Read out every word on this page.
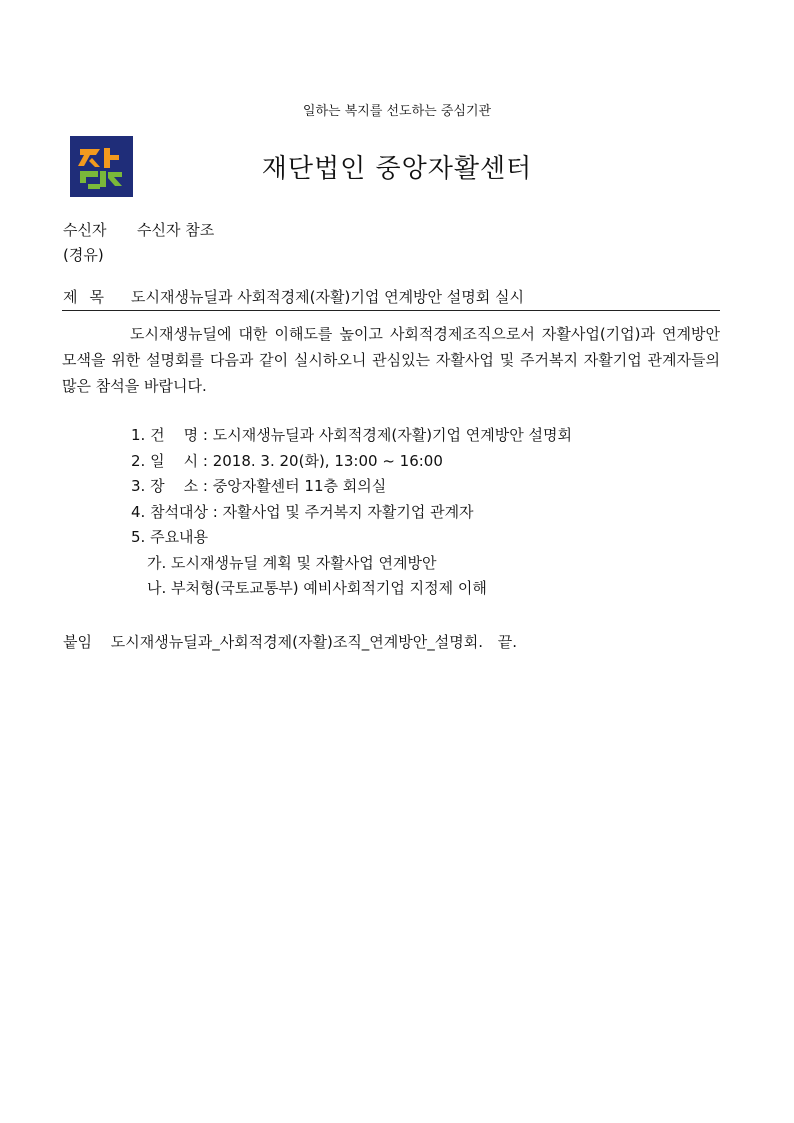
일하는 복지를 선도하는 중심기관
재단법인 중앙자활센터
수신자 수신자 참조
(경유)
제목 도시재생뉴딜과 사회적경제(자활)기업 연계방안 설명회 실시
도시재생뉴딜에 대한 이해도를 높이고 사회적경제조직으로서 자활사업(기업)과 연계방안 모색을 위한 설명회를 다음과 같이 실시하오니 관심있는 자활사업 및 주거복지 자활기업 관계자들의 많은 참석을 바랍니다.
1. 건    명 : 도시재생뉴딜과 사회적경제(자활)기업 연계방안 설명회
2. 일    시 : 2018. 3. 20(화), 13:00 ~ 16:00
3. 장    소 : 중앙자활센터 11층 회의실
4. 참석대상 : 자활사업 및 주거복지 자활기업 관계자
5. 주요내용
가. 도시재생뉴딜 계획 및 자활사업 연계방안
나. 부처형(국토교통부) 예비사회적기업 지정제 이해
붙임 도시재생뉴딜과_사회적경제(자활)조직_연계방안_설명회. 끝.
